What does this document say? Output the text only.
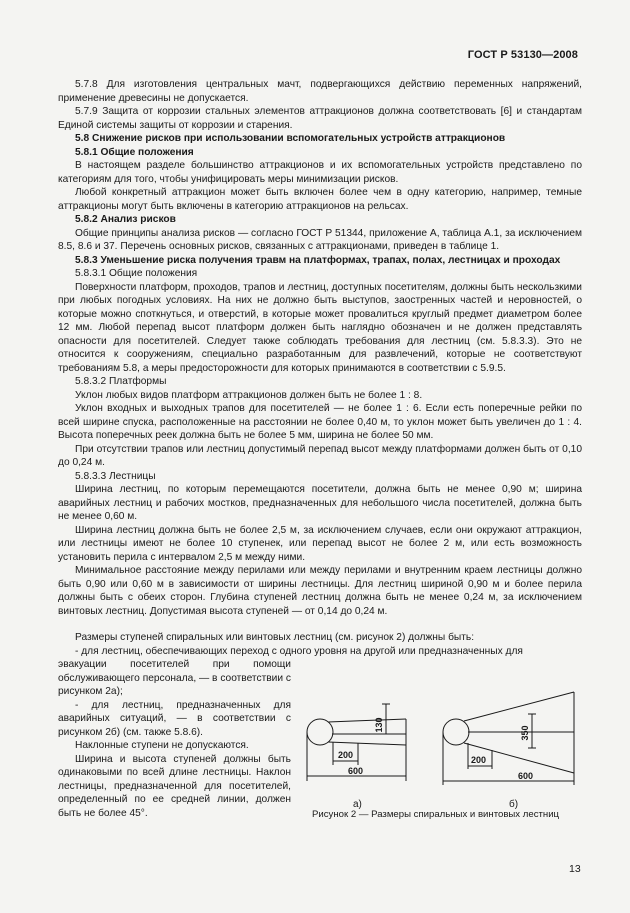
ГОСТ Р 53130—2008

5.7.8 Для изготовления центральных мачт, подвергающихся действию переменных напряжений, применение древесины не допускается.

5.7.9 Защита от коррозии стальных элементов аттракционов должна соответствовать [6] и стандартам Единой системы защиты от коррозии и старения.

5.8 Снижение рисков при использовании вспомогательных устройств аттракционов

5.8.1 Общие положения

В настоящем разделе большинство аттракционов и их вспомогательных устройств представлено по категориям для того, чтобы унифицировать меры минимизации рисков.

Любой конкретный аттракцион может быть включен более чем в одну категорию, например, темные аттракционы могут быть включены в категорию аттракционов на рельсах.

5.8.2 Анализ рисков

Общие принципы анализа рисков — согласно ГОСТ Р 51344, приложение А, таблица А.1, за исключением 8.5, 8.6 и 37. Перечень основных рисков, связанных с аттракционами, приведен в таблице 1.

5.8.3 Уменьшение риска получения травм на платформах, трапах, полах, лестницах и проходах

5.8.3.1 Общие положения

Поверхности платформ, проходов, трапов и лестниц, доступных посетителям, должны быть нескользкими при любых погодных условиях. На них не должно быть выступов, заостренных частей и неровностей, о которые можно споткнуться, и отверстий, в которые может провалиться круглый предмет диаметром более 12 мм. Любой перепад высот платформ должен быть наглядно обозначен и не должен представлять опасности для посетителей. Следует также соблюдать требования для лестниц (см. 5.8.3.3). Это не относится к сооружениям, специально разработанным для развлечений, которые не соответствуют требованиям 5.8, а меры предосторожности для которых принимаются в соответствии с 5.9.5.

5.8.3.2 Платформы

Уклон любых видов платформ аттракционов должен быть не более 1 : 8.

Уклон входных и выходных трапов для посетителей — не более 1 : 6. Если есть поперечные рейки по всей ширине спуска, расположенные на расстоянии не более 0,40 м, то уклон может быть увеличен до 1 : 4. Высота поперечных реек должна быть не более 5 мм, ширина не более 50 мм.

При отсутствии трапов или лестниц допустимый перепад высот между платформами должен быть от 0,10 до 0,24 м.

5.8.3.3 Лестницы

Ширина лестниц, по которым перемещаются посетители, должна быть не менее 0,90 м; ширина аварийных лестниц и рабочих мостков, предназначенных для небольшого числа посетителей, должна быть не менее 0,60 м.

Ширина лестниц должна быть не более 2,5 м, за исключением случаев, если они окружают аттракцион, или лестницы имеют не более 10 ступенек, или перепад высот не более 2 м, или есть возможность установить перила с интервалом 2,5 м между ними.

Минимальное расстояние между перилами или между перилами и внутренним краем лестницы должно быть 0,90 или 0,60 м в зависимости от ширины лестницы. Для лестниц шириной 0,90 м и более перила должны быть с обеих сторон. Глубина ступеней лестниц должна быть не менее 0,24 м, за исключением винтовых лестниц. Допустимая высота ступеней — от 0,14 до 0,24 м.

Размеры ступеней спиральных или винтовых лестниц (см. рисунок 2) должны быть:

- для лестниц, обеспечивающих переход с одного уровня на другой или предназначенных для

эвакуации посетителей при помощи обслуживающего персонала, — в соответствии с рисунком 2а);

- для лестниц, предназначенных для аварийных ситуаций, — в соответствии с рисунком 2б) (см. также 5.8.6).

Наклонные ступени не допускаются.

Ширина и высота ступеней должны быть одинаковыми по всей длине лестницы. Наклон лестницы, предназначенной для посетителей, определенный по ее средней линии, должен быть не более 45°.

130
200
600
350
200
600
а)	б)
Рисунок 2 — Размеры спиральных и винтовых лестниц
13
